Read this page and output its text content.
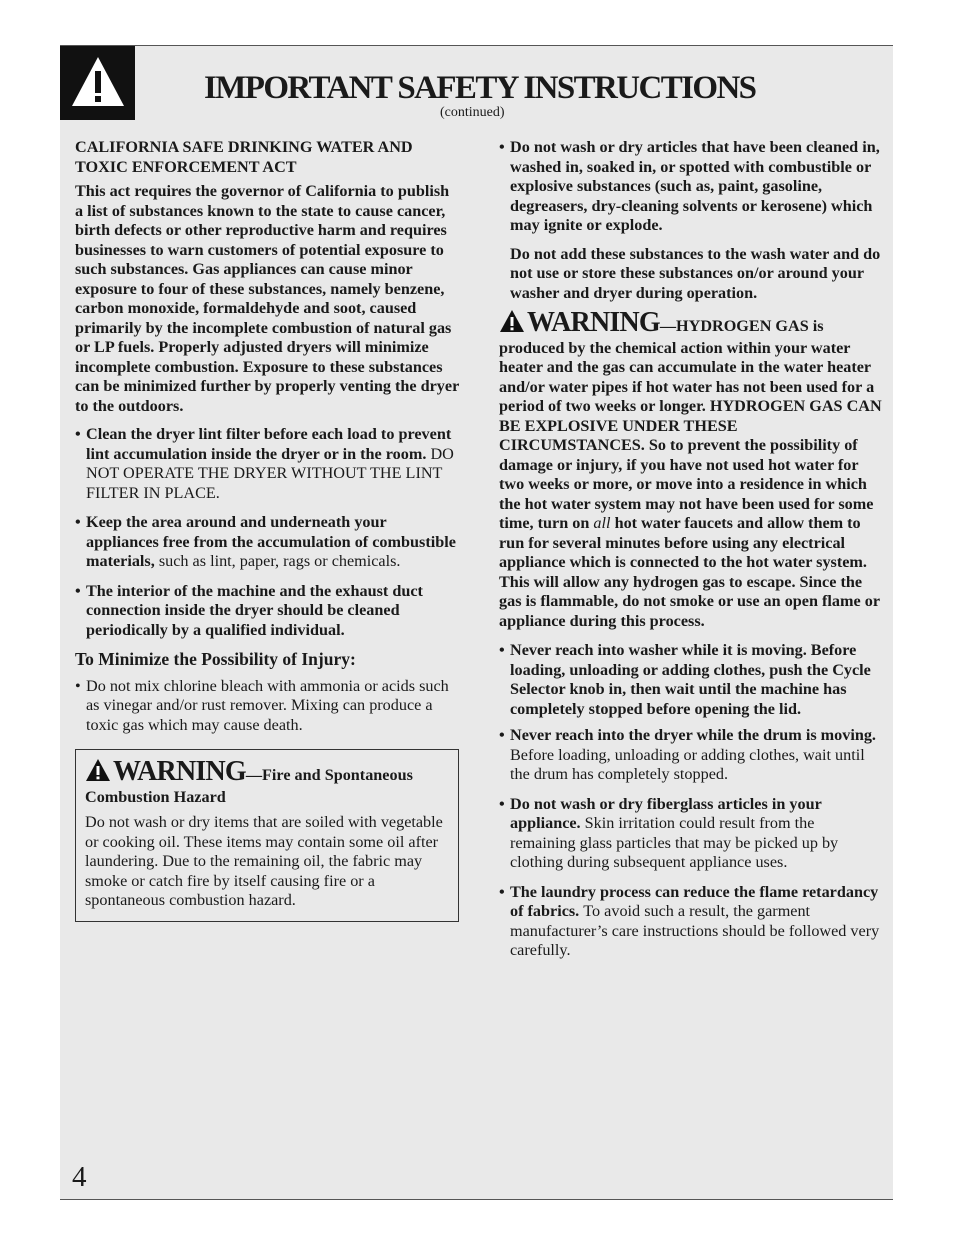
IMPORTANT SAFETY INSTRUCTIONS
(continued)
CALIFORNIA SAFE DRINKING WATER AND TOXIC ENFORCEMENT ACT

This act requires the governor of California to publish a list of substances known to the state to cause cancer, birth defects or other reproductive harm and requires businesses to warn customers of potential exposure to such substances. Gas appliances can cause minor exposure to four of these substances, namely benzene, carbon monoxide, formaldehyde and soot, caused primarily by the incomplete combustion of natural gas or LP fuels. Properly adjusted dryers will minimize incomplete combustion. Exposure to these substances can be minimized further by properly venting the dryer to the outdoors.

• Clean the dryer lint filter before each load to prevent lint accumulation inside the dryer or in the room. DO NOT OPERATE THE DRYER WITHOUT THE LINT FILTER IN PLACE.
• Keep the area around and underneath your appliances free from the accumulation of combustible materials, such as lint, paper, rags or chemicals.
• The interior of the machine and the exhaust duct connection inside the dryer should be cleaned periodically by a qualified individual.
To Minimize the Possibility of Injury:
• Do not mix chlorine bleach with ammonia or acids such as vinegar and/or rust remover. Mixing can produce a toxic gas which may cause death.
WARNING—Fire and Spontaneous Combustion Hazard
Do not wash or dry items that are soiled with vegetable or cooking oil. These items may contain some oil after laundering. Due to the remaining oil, the fabric may smoke or catch fire by itself causing fire or a spontaneous combustion hazard.
• Do not wash or dry articles that have been cleaned in, washed in, soaked in, or spotted with combustible or explosive substances (such as, paint, gasoline, degreasers, dry-cleaning solvents or kerosene) which may ignite or explode.

Do not add these substances to the wash water and do not use or store these substances on/or around your washer and dryer during operation.

WARNING—HYDROGEN GAS is produced by the chemical action within your water heater and the gas can accumulate in the water heater and/or water pipes if hot water has not been used for a period of two weeks or longer. HYDROGEN GAS CAN BE EXPLOSIVE UNDER THESE CIRCUMSTANCES. So to prevent the possibility of damage or injury, if you have not used hot water for two weeks or more, or move into a residence in which the hot water system may not have been used for some time, turn on all hot water faucets and allow them to run for several minutes before using any electrical appliance which is connected to the hot water system. This will allow any hydrogen gas to escape. Since the gas is flammable, do not smoke or use an open flame or appliance during this process.
• Never reach into washer while it is moving. Before loading, unloading or adding clothes, push the Cycle Selector knob in, then wait until the machine has completely stopped before opening the lid.
• Never reach into the dryer while the drum is moving. Before loading, unloading or adding clothes, wait until the drum has completely stopped.
• Do not wash or dry fiberglass articles in your appliance. Skin irritation could result from the remaining glass particles that may be picked up by clothing during subsequent appliance uses.
• The laundry process can reduce the flame retardancy of fabrics. To avoid such a result, the garment manufacturer’s care instructions should be followed very carefully.
4
